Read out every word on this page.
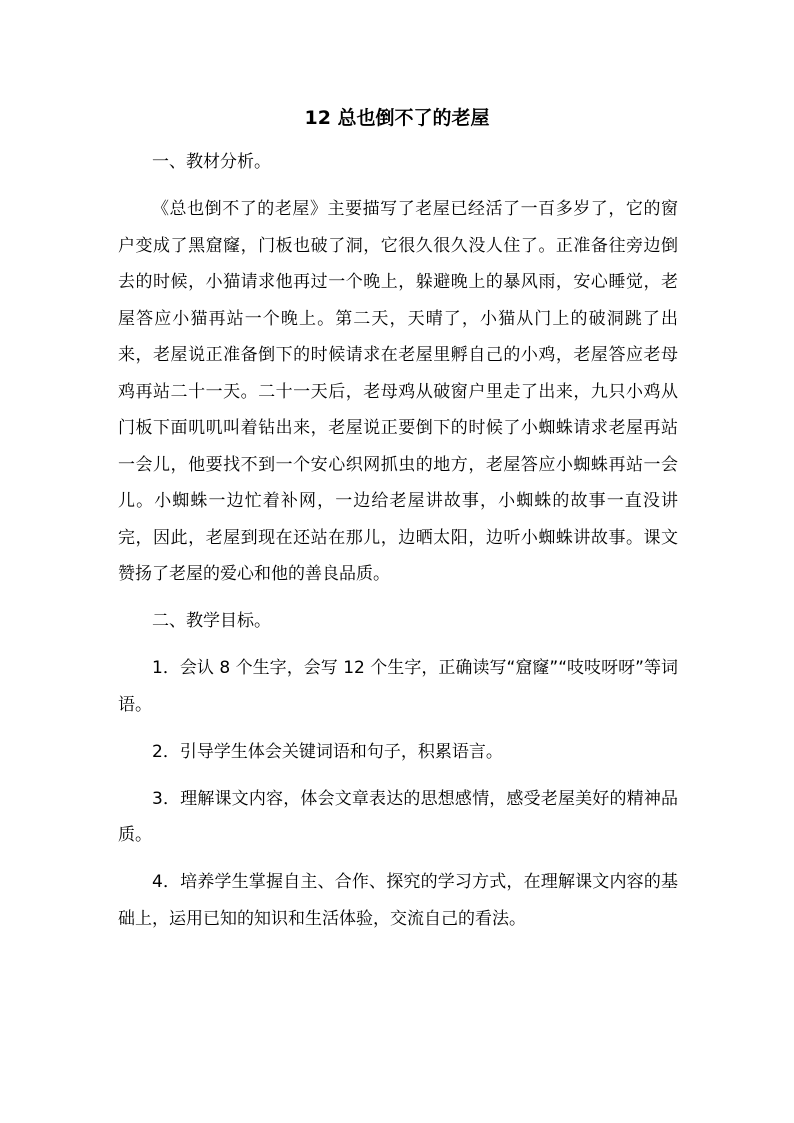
12 总也倒不了的老屋

一、教材分析。

《总也倒不了的老屋》主要描写了老屋已经活了一百多岁了，它的窗户变成了黑窟窿，门板也破了洞，它很久很久没人住了。正准备往旁边倒去的时候，小猫请求他再过一个晚上，躲避晚上的暴风雨，安心睡觉，老屋答应小猫再站一个晚上。第二天，天晴了，小猫从门上的破洞跳了出来，老屋说正准备倒下的时候请求在老屋里孵自己的小鸡，老屋答应老母鸡再站二十一天。二十一天后，老母鸡从破窗户里走了出来，九只小鸡从门板下面叽叽叫着钻出来，老屋说正要倒下的时候了小蜘蛛请求老屋再站一会儿，他要找不到一个安心织网抓虫的地方，老屋答应小蜘蛛再站一会儿。小蜘蛛一边忙着补网，一边给老屋讲故事，小蜘蛛的故事一直没讲完，因此，老屋到现在还站在那儿，边晒太阳，边听小蜘蛛讲故事。课文赞扬了老屋的爱心和他的善良品质。

二、教学目标。

1．会认 8 个生字，会写 12 个生字，正确读写“窟窿”“吱吱呀呀”等词语。

2．引导学生体会关键词语和句子，积累语言。

3．理解课文内容，体会文章表达的思想感情，感受老屋美好的精神品质。

4．培养学生掌握自主、合作、探究的学习方式，在理解课文内容的基础上，运用已知的知识和生活体验，交流自己的看法。
